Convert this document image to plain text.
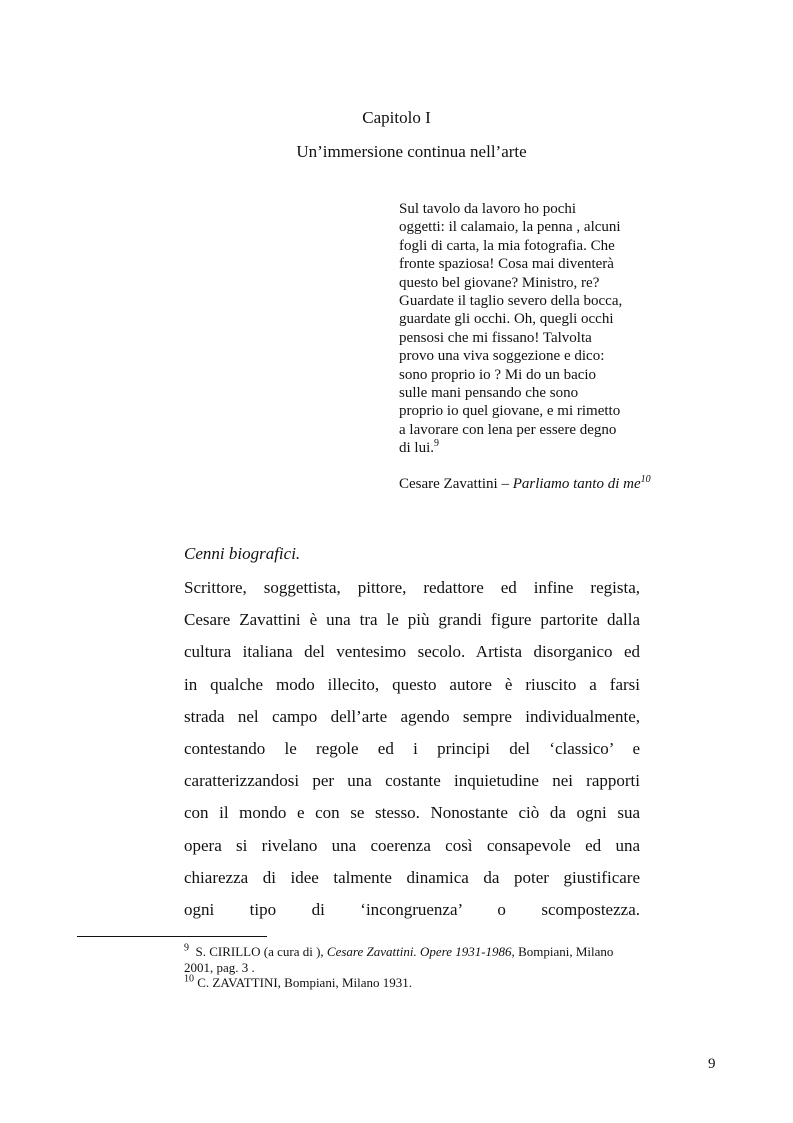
Capitolo I
Un’immersione continua nell’arte
Sul tavolo da lavoro ho pochi
oggetti: il calamaio, la penna , alcuni
fogli di carta, la mia fotografia. Che
fronte spaziosa! Cosa mai diventerà
questo bel giovane? Ministro, re?
Guardate il taglio severo della bocca,
guardate gli occhi. Oh, quegli occhi
pensosi che mi fissano! Talvolta
provo una viva soggezione e dico:
sono proprio io ? Mi do un bacio
sulle mani pensando che sono
proprio io quel giovane, e mi rimetto
a lavorare con lena per essere degno
di lui.$^9$
Cesare Zavattini – Parliamo tanto di $me^{10}$
Cenni biografici.
Scrittore, soggettista, pittore, redattore ed infine regista,
Cesare Zavattini è una tra le più grandi figure partorite dalla
cultura italiana del ventesimo secolo. Artista disorganico ed
in qualche modo illecito, questo autore è riuscito a farsi
strada nel campo dell’arte agendo sempre individualmente,
contestando le regole ed i principi del ‘classico’ e
caratterizzandosi per una costante inquietudine nei rapporti
con il mondo e con se stesso. Nonostante ciò da ogni sua
opera si rivelano una coerenza così consapevole ed una
chiarezza di idee talmente dinamica da poter giustificare
ogni tipo di ‘incongruenza’ o scompostezza.
$^9$  S. CIRILLO (a cura di ), Cesare Zavattini. Opere 1931-1986, Bompiani, Milano 2001, pag. 3 .
$^{10}$ C. ZAVATTINI, Bompiani, Milano 1931.
9
